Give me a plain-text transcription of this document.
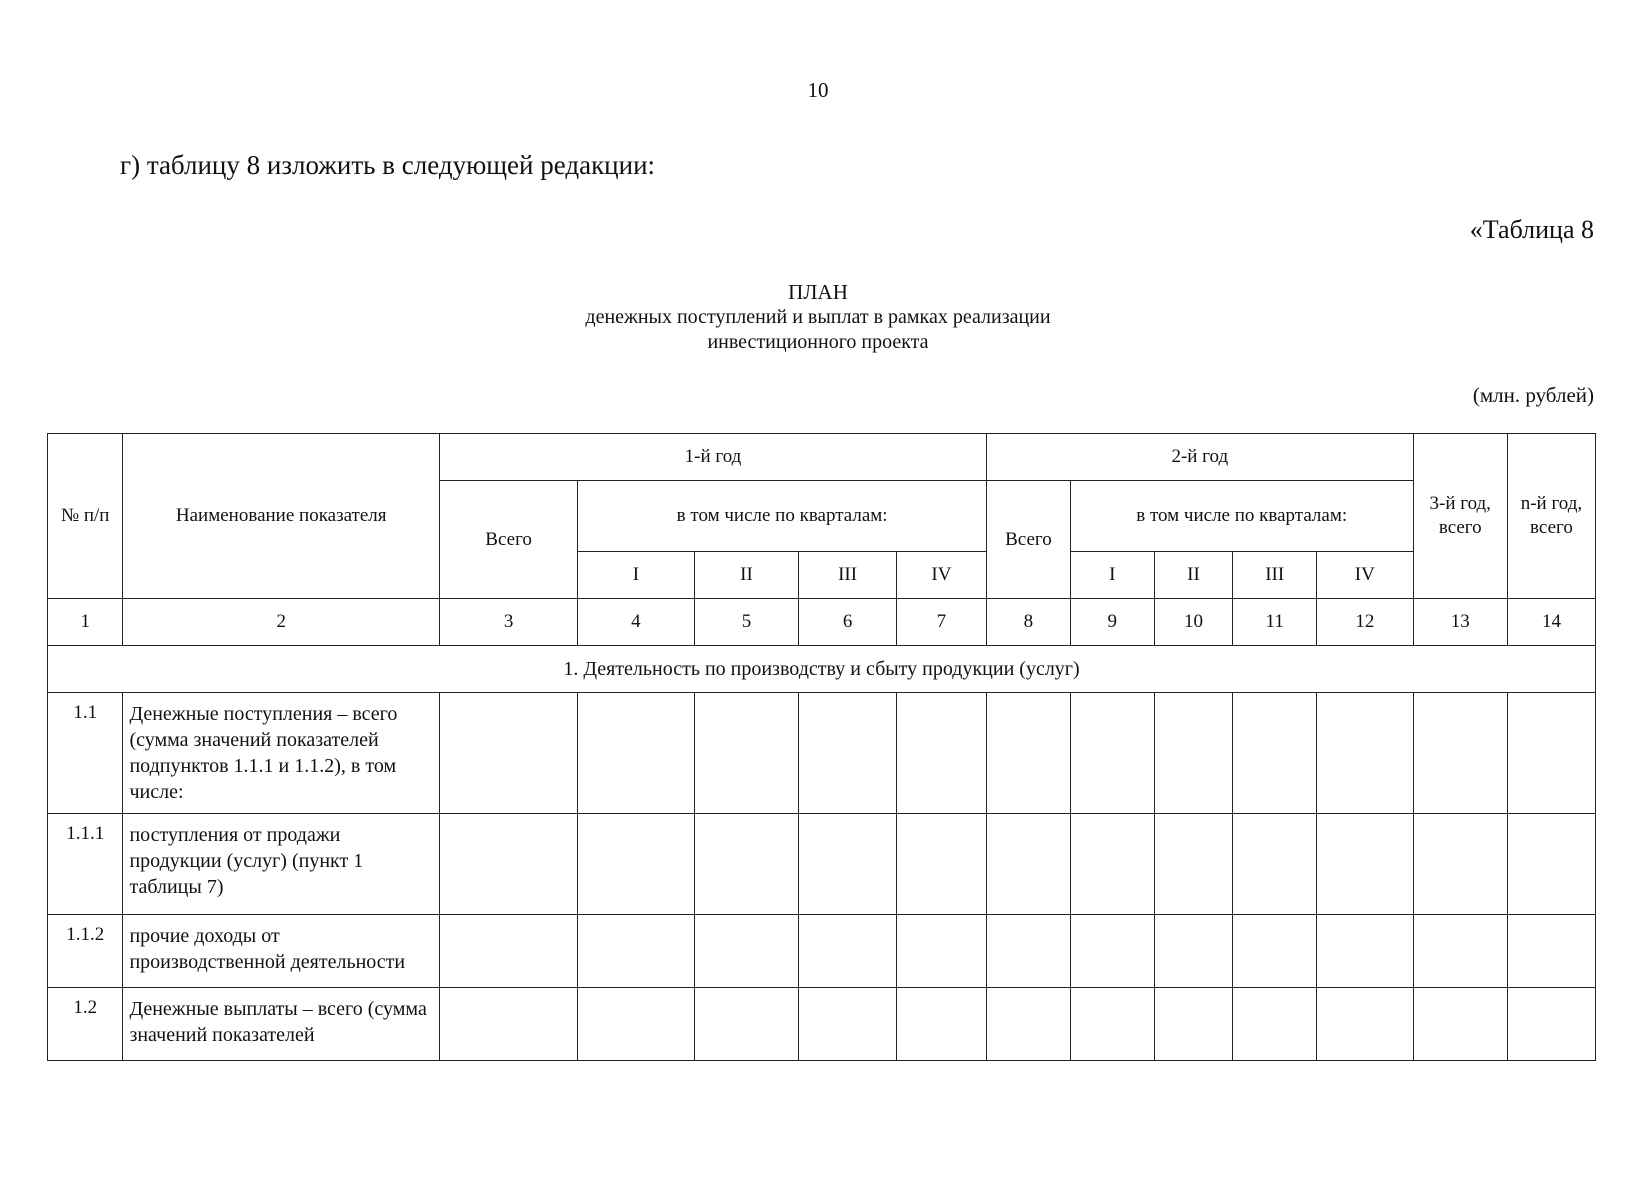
10
г) таблицу 8 изложить в следующей редакции:
«Таблица 8
ПЛАН
денежных поступлений и выплат в рамках реализации
инвестиционного проекта
(млн. рублей)
№ п/п	Наименование показателя	1-й год					2-й год					3-й год, всего	n-й год, всего
		Всего	в том числе по кварталам:				Всего	в том числе по кварталам:					
			I	II	III	IV		I	II	III	IV		
1	2	3	4	5	6	7	8	9	10	11	12	13	14
1. Деятельность по производству и сбыту продукции (услуг)													
1.1	Денежные поступления – всего (сумма значений показателей подпунктов 1.1.1 и 1.1.2), в том числе:												
1.1.1	поступления от продажи продукции (услуг) (пункт 1 таблицы 7)												
1.1.2	прочие доходы от производственной деятельности												
1.2	Денежные выплаты – всего (сумма значений показателей												
